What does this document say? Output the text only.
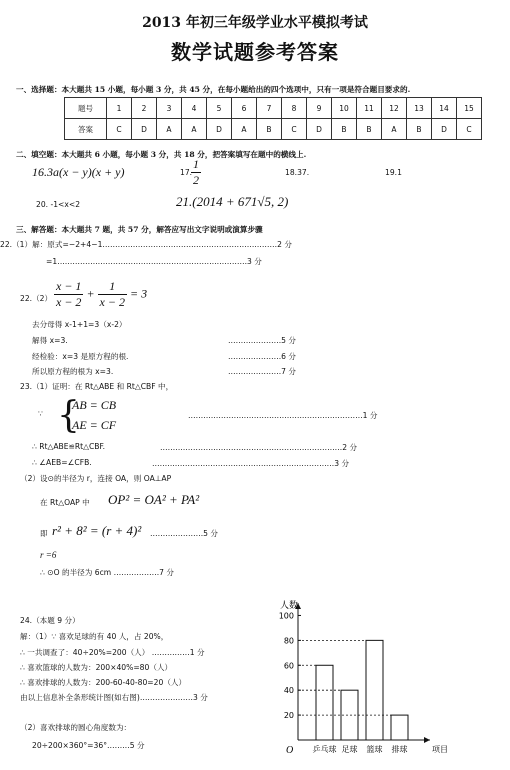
2013 年初三年级学业水平模拟考试
数学试题参考答案
一、选择题：本大题共 15 小题，每小题 3 分，共 45 分，在每小题给出的四个选项中，只有一项是符合题目要求的.
题号	1	2	3	4	5	6	7	8	9	10	11	12	13	14	15
答案	C	D	A	A	D	A	B	C	D	B	B	A	B	D	C
二、填空题：本大题共 6 小题，每小题 3 分，共 18 分，把答案填写在题中的横线上.
16.3a(x − y)(x + y)	17.
$\frac{1}{2}$	18.37.	19.1
20. -1<x<2	21.(2014 + 671√5, 2)
三、解答题：本大题共 7 题，共 57 分，解答应写出文字说明或演算步骤
22.（1）解：原式=−2+4−1……………………………………………………………2 分
=1…………………………………………………………………3 分
$22.(2) \frac{x - 1}{x - 2} + \frac{1}{x - 2} = 3$
去分母得 x-1+1=3（x-2）
解得 x=3.	…………………5 分
经检验：x=3 是原方程的根.	…………………6 分
所以原方程的根为 x=3.	…………………7 分
23.（1）证明：在 Rt△ABE 和 Rt△CBF 中，
∵ {
AB = CB
AE = CF
……………………………………………………………1 分
∴ Rt△ABE≌Rt△CBF.	………………………………………………………………2 分
∴ ∠AEB=∠CFB.	………………………………………………………………3 分
（2）设⊙的半径为 r，连接 OA，则 OA⊥AP
在 Rt△OAP 中 OP² = OA² + PA²
即 r² + 8² = (r + 4)² …………………5 分
r =6
∴ ⊙O 的半径为 6cm ………………7 分
24.（本题 9 分）
解：（1）∵ 喜欢足球的有 40 人，占 20%，
∴ 一共调查了：40÷20%=200（人） ……………1 分
∴ 喜欢篮球的人数为：200×40%=80（人）
∴ 喜欢排球的人数为：200-60-40-80=20（人）
由以上信息补全条形统计图(如右图)…………………3 分
（2）喜欢排球的圆心角度数为：
20÷200×360°=36°………5 分
人数
O
20
40
60
80
100
乒乓球 足球 篮球 排球	项目
